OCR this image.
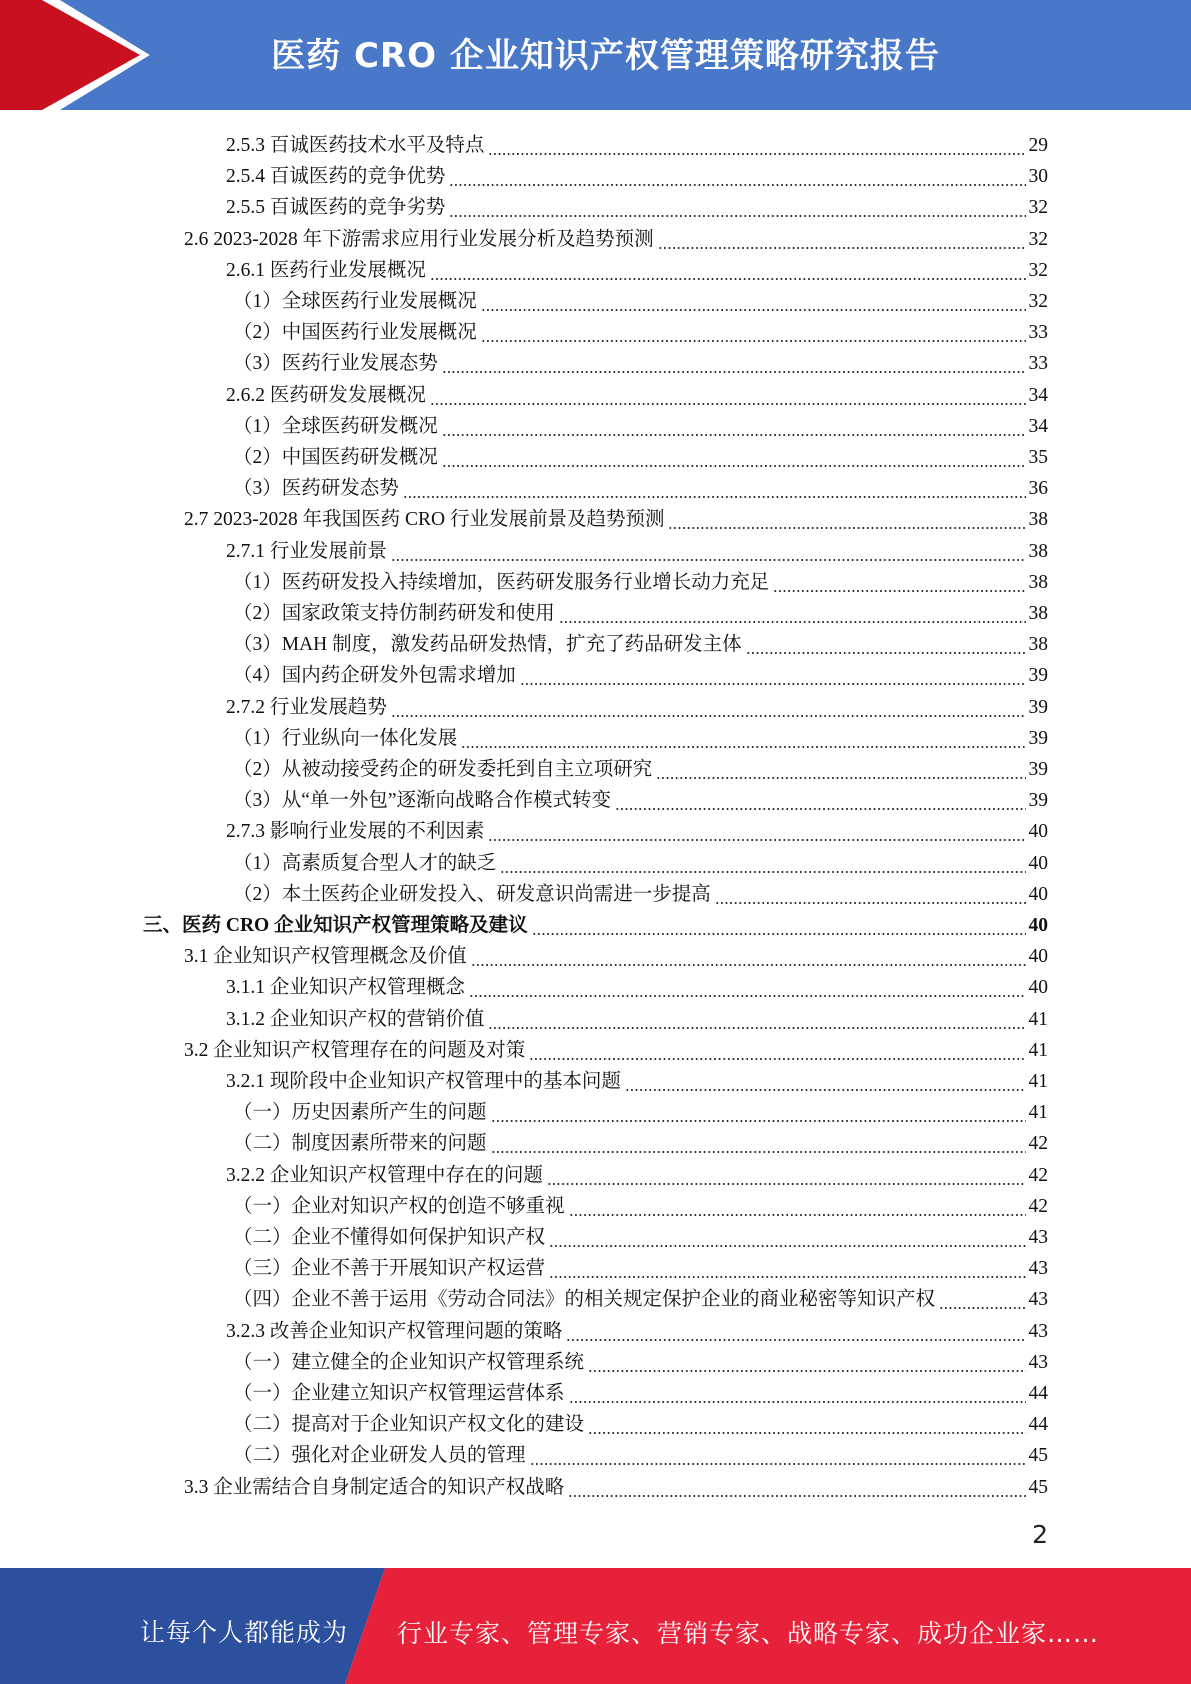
医药 CRO 企业知识产权管理策略研究报告
2.5.3 百诚医药技术水平及特点	29
2.5.4 百诚医药的竞争优势	30
2.5.5 百诚医药的竞争劣势	32
2.6 2023-2028 年下游需求应用行业发展分析及趋势预测	32
2.6.1 医药行业发展概况	32
（1）全球医药行业发展概况	32
（2）中国医药行业发展概况	33
（3）医药行业发展态势	33
2.6.2 医药研发发展概况	34
（1）全球医药研发概况	34
（2）中国医药研发概况	35
（3）医药研发态势	36
2.7 2023-2028 年我国医药 CRO 行业发展前景及趋势预测	38
2.7.1 行业发展前景	38
（1）医药研发投入持续增加，医药研发服务行业增长动力充足	38
（2）国家政策支持仿制药研发和使用	38
（3）MAH 制度，激发药品研发热情，扩充了药品研发主体	38
（4）国内药企研发外包需求增加	39
2.7.2 行业发展趋势	39
（1）行业纵向一体化发展	39
（2）从被动接受药企的研发委托到自主立项研究	39
（3）从“单一外包”逐渐向战略合作模式转变	39
2.7.3 影响行业发展的不利因素	40
（1）高素质复合型人才的缺乏	40
（2）本土医药企业研发投入、研发意识尚需进一步提高	40
三、医药 CRO 企业知识产权管理策略及建议	40
3.1 企业知识产权管理概念及价值	40
3.1.1 企业知识产权管理概念	40
3.1.2 企业知识产权的营销价值	41
3.2 企业知识产权管理存在的问题及对策	41
3.2.1 现阶段中企业知识产权管理中的基本问题	41
（一）历史因素所产生的问题	41
（二）制度因素所带来的问题	42
3.2.2 企业知识产权管理中存在的问题	42
（一）企业对知识产权的创造不够重视	42
（二）企业不懂得如何保护知识产权	43
（三）企业不善于开展知识产权运营	43
（四）企业不善于运用《劳动合同法》的相关规定保护企业的商业秘密等知识产权	43
3.2.3 改善企业知识产权管理问题的策略	43
（一）建立健全的企业知识产权管理系统	43
（一）企业建立知识产权管理运营体系	44
（二）提高对于企业知识产权文化的建设	44
（二）强化对企业研发人员的管理	45
3.3 企业需结合自身制定适合的知识产权战略	45
2
让每个人都能成为 行业专家、管理专家、营销专家、战略专家、成功企业家……
